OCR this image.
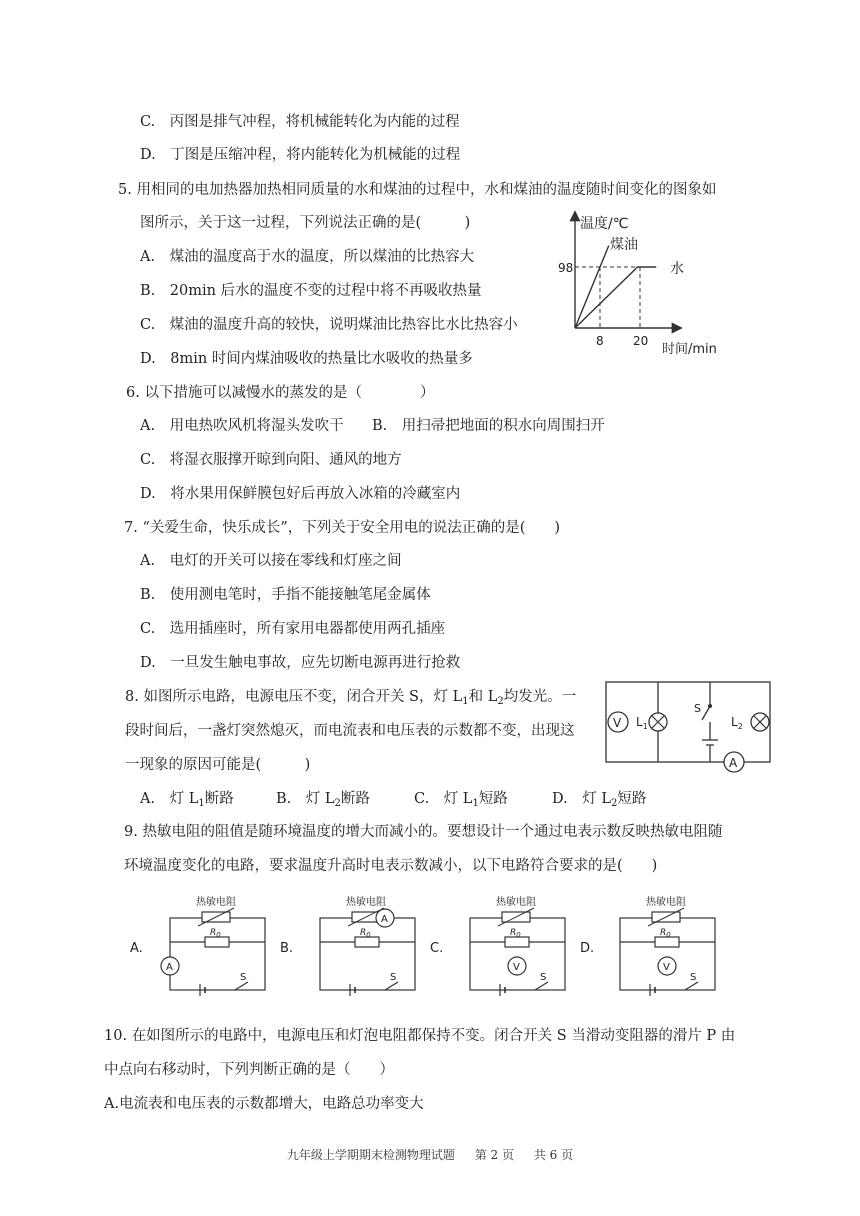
C.　丙图是排气冲程，将机械能转化为内能的过程
D.　丁图是压缩冲程，将内能转化为机械能的过程
5. 用相同的电加热器加热相同质量的水和煤油的过程中，水和煤油的温度随时间变化的图象如
图所示，关于这一过程，下列说法正确的是(　　　)
A.　煤油的温度高于水的温度，所以煤油的比热容大
B.　20min 后水的温度不变的过程中将不再吸收热量
C.　煤油的温度升高的较快，说明煤油比热容比水比热容小
D.　8min 时间内煤油吸收的热量比水吸收的热量多
温度/℃
煤油
水
98
8 20
时间/min
6. 以下措施可以减慢水的蒸发的是（　　　　）
A.　用电热吹风机将湿头发吹干 B.　用扫帚把地面的积水向周围扫开
C.　将湿衣服撑开晾到向阳、通风的地方
D.　将水果用保鲜膜包好后再放入冰箱的冷藏室内
7. “关爱生命，快乐成长”，下列关于安全用电的说法正确的是(　　)
A.　电灯的开关可以接在零线和灯座之间
B.　使用测电笔时，手指不能接触笔尾金属体
C.　选用插座时，所有家用电器都使用两孔插座
D.　一旦发生触电事故，应先切断电源再进行抢救
8. 如图所示电路，电源电压不变，闭合开关 S，灯 $L_1$和 $L_2$均发光。一
段时间后，一盏灯突然熄灭，而电流表和电压表的示数都不变，出现这
一现象的原因可能是(　　　)
A.　灯 $L_1$断路	B.　灯 $L_2$断路	C.　灯 $L_1$短路	D.　灯 $L_2$短路
V $L_1$	$L_2$
S
A
9. 热敏电阻的阻值是随环境温度的增大而减小的。要想设计一个通过电表示数反映热敏电阻随
环境温度变化的电路，要求温度升高时电表示数减小，以下电路符合要求的是(　　)
A.
热敏电阻
$R_0$
A
S
B.
热敏电阻
$R_0$
A
S
C.
热敏电阻
$R_0$
V
S
D.
热敏电阻
$R_0$
V
S
10. 在如图所示的电路中，电源电压和灯泡电阻都保持不变。闭合开关 S 当滑动变阻器的滑片 P 由
中点向右移动时，下列判断正确的是（　　）
A.电流表和电压表的示数都增大，电路总功率变大
九年级上学期期末检测物理试题 第 2 页 共 6 页
